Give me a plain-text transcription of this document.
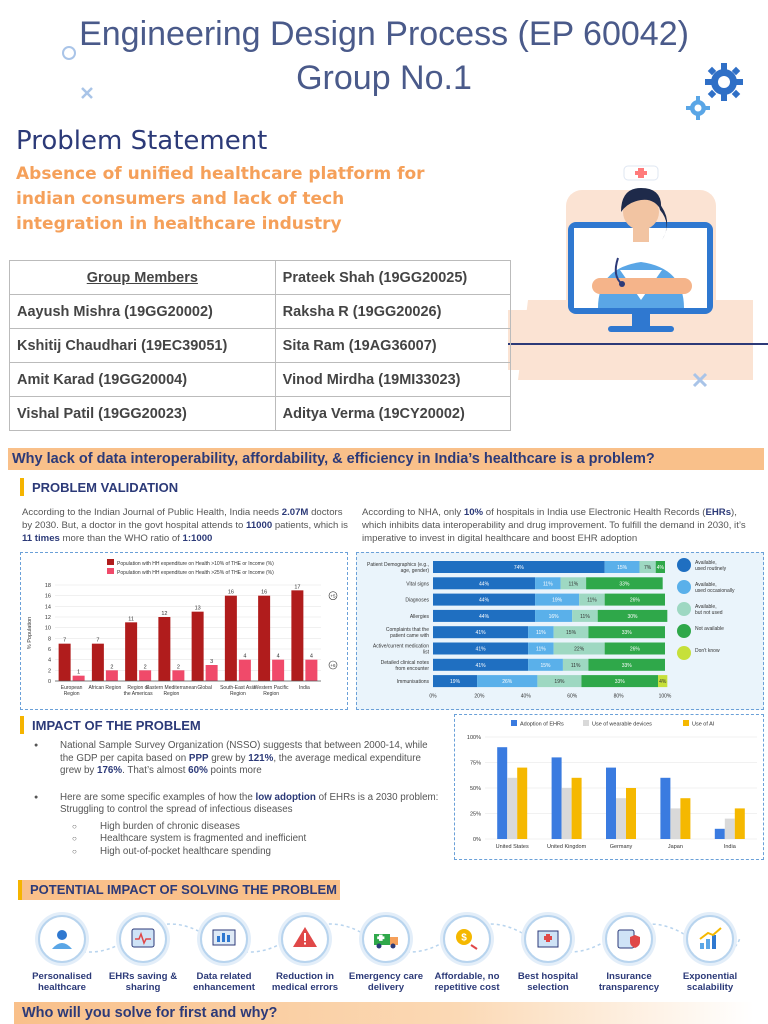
Engineering Design Process (EP 60042)
Group No.1
Problem Statement
Absence of unified healthcare platform for indian consumers and lack of tech integration in healthcare industry
Group Members	Prateek Shah (19GG20025)
Aayush Mishra (19GG20002)	Raksha R (19GG20026)
Kshitij Chaudhari (19EC39051)	Sita Ram (19AG36007)
Amit Karad (19GG20004)	Vinod Mirdha (19MI33023)
Vishal Patil (19GG20023)	Aditya Verma (19CY20002)
Why lack of data interoperability, affordability, & efficiency in India’s healthcare is a problem?
PROBLEM VALIDATION
According to the Indian Journal of Public Health, India needs 2.07M doctors by 2030. But, a doctor in the govt hospital attends to 11000 patients, which is 11 times more than the WHO ratio of 1:1000
According to NHA, only 10% of hospitals in India use Electronic Health Records (EHRs), which inhibits data interoperability and drug improvement. To fulfill the demand in 2030, it’s imperative to invest in digital healthcare and boost EHR adoption
Population with HH expenditure on Health >10% of THE or Income (%)
Population with HH expenditure on Health >25% of THE or Income (%)
0
2
4
6
8
10
12
14
16
18
% Population	7
1
European
Region
7
2
African Region
11
2
Region of
the Americas
12
2
Eastern Mediterranean
Region
13
3
Global
16
4
South-East Asia
Region
16
4
Western Pacific
Region
17
4
India
+5
+6
74%	15%	7% 4%
Patient Demographics (e.g.,
age, gender)
44%	11%	11%	33%
Vital signs
44%	19%	11%	26%
Diagnoses
44%	16%	11%	30%
Allergies
41%	11%	15%	33%
Complaints that the
patient came with
41%	11%	22%	26%
Active/current medication
list
41%	15%	11%	33%
Detailed clinical notes
from encounter
19%	26%	19%	33%	4%
Immunisations
0%	20%	40%	60%	80%	100%
Available,
used routinely
Available,
used occasionally
Available,
but not used
Not available
Don't know
IMPACT OF THE PROBLEM
● National Sample Survey Organization (NSSO) suggests that between 2000-14, while the GDP per capita based on PPP grew by 121%, the average medical expenditure grew by 176%. That’s almost 60% points more
● Here are some specific examples of how the low adoption of EHRs is a 2030 problem: Struggling to control the spread of infectious diseases
○ High burden of chronic diseases
○ Healthcare system is fragmented and inefficient
○ High out-of-pocket healthcare spending
0%
25%
50%
75%
100%
Adoption of EHRs	Use of wearable devices	Use of AI
United States	United Kingdom	Germany	Japan	India
POTENTIAL IMPACT OF SOLVING THE PROBLEM
Personalised healthcare
EHRs saving & sharing
Data related enhancement
Reduction in medical errors
Emergency care delivery
$
Affordable, no repetitive cost
Best hospital selection
Insurance transparency
Exponential scalability
Who will you solve for first and why?
